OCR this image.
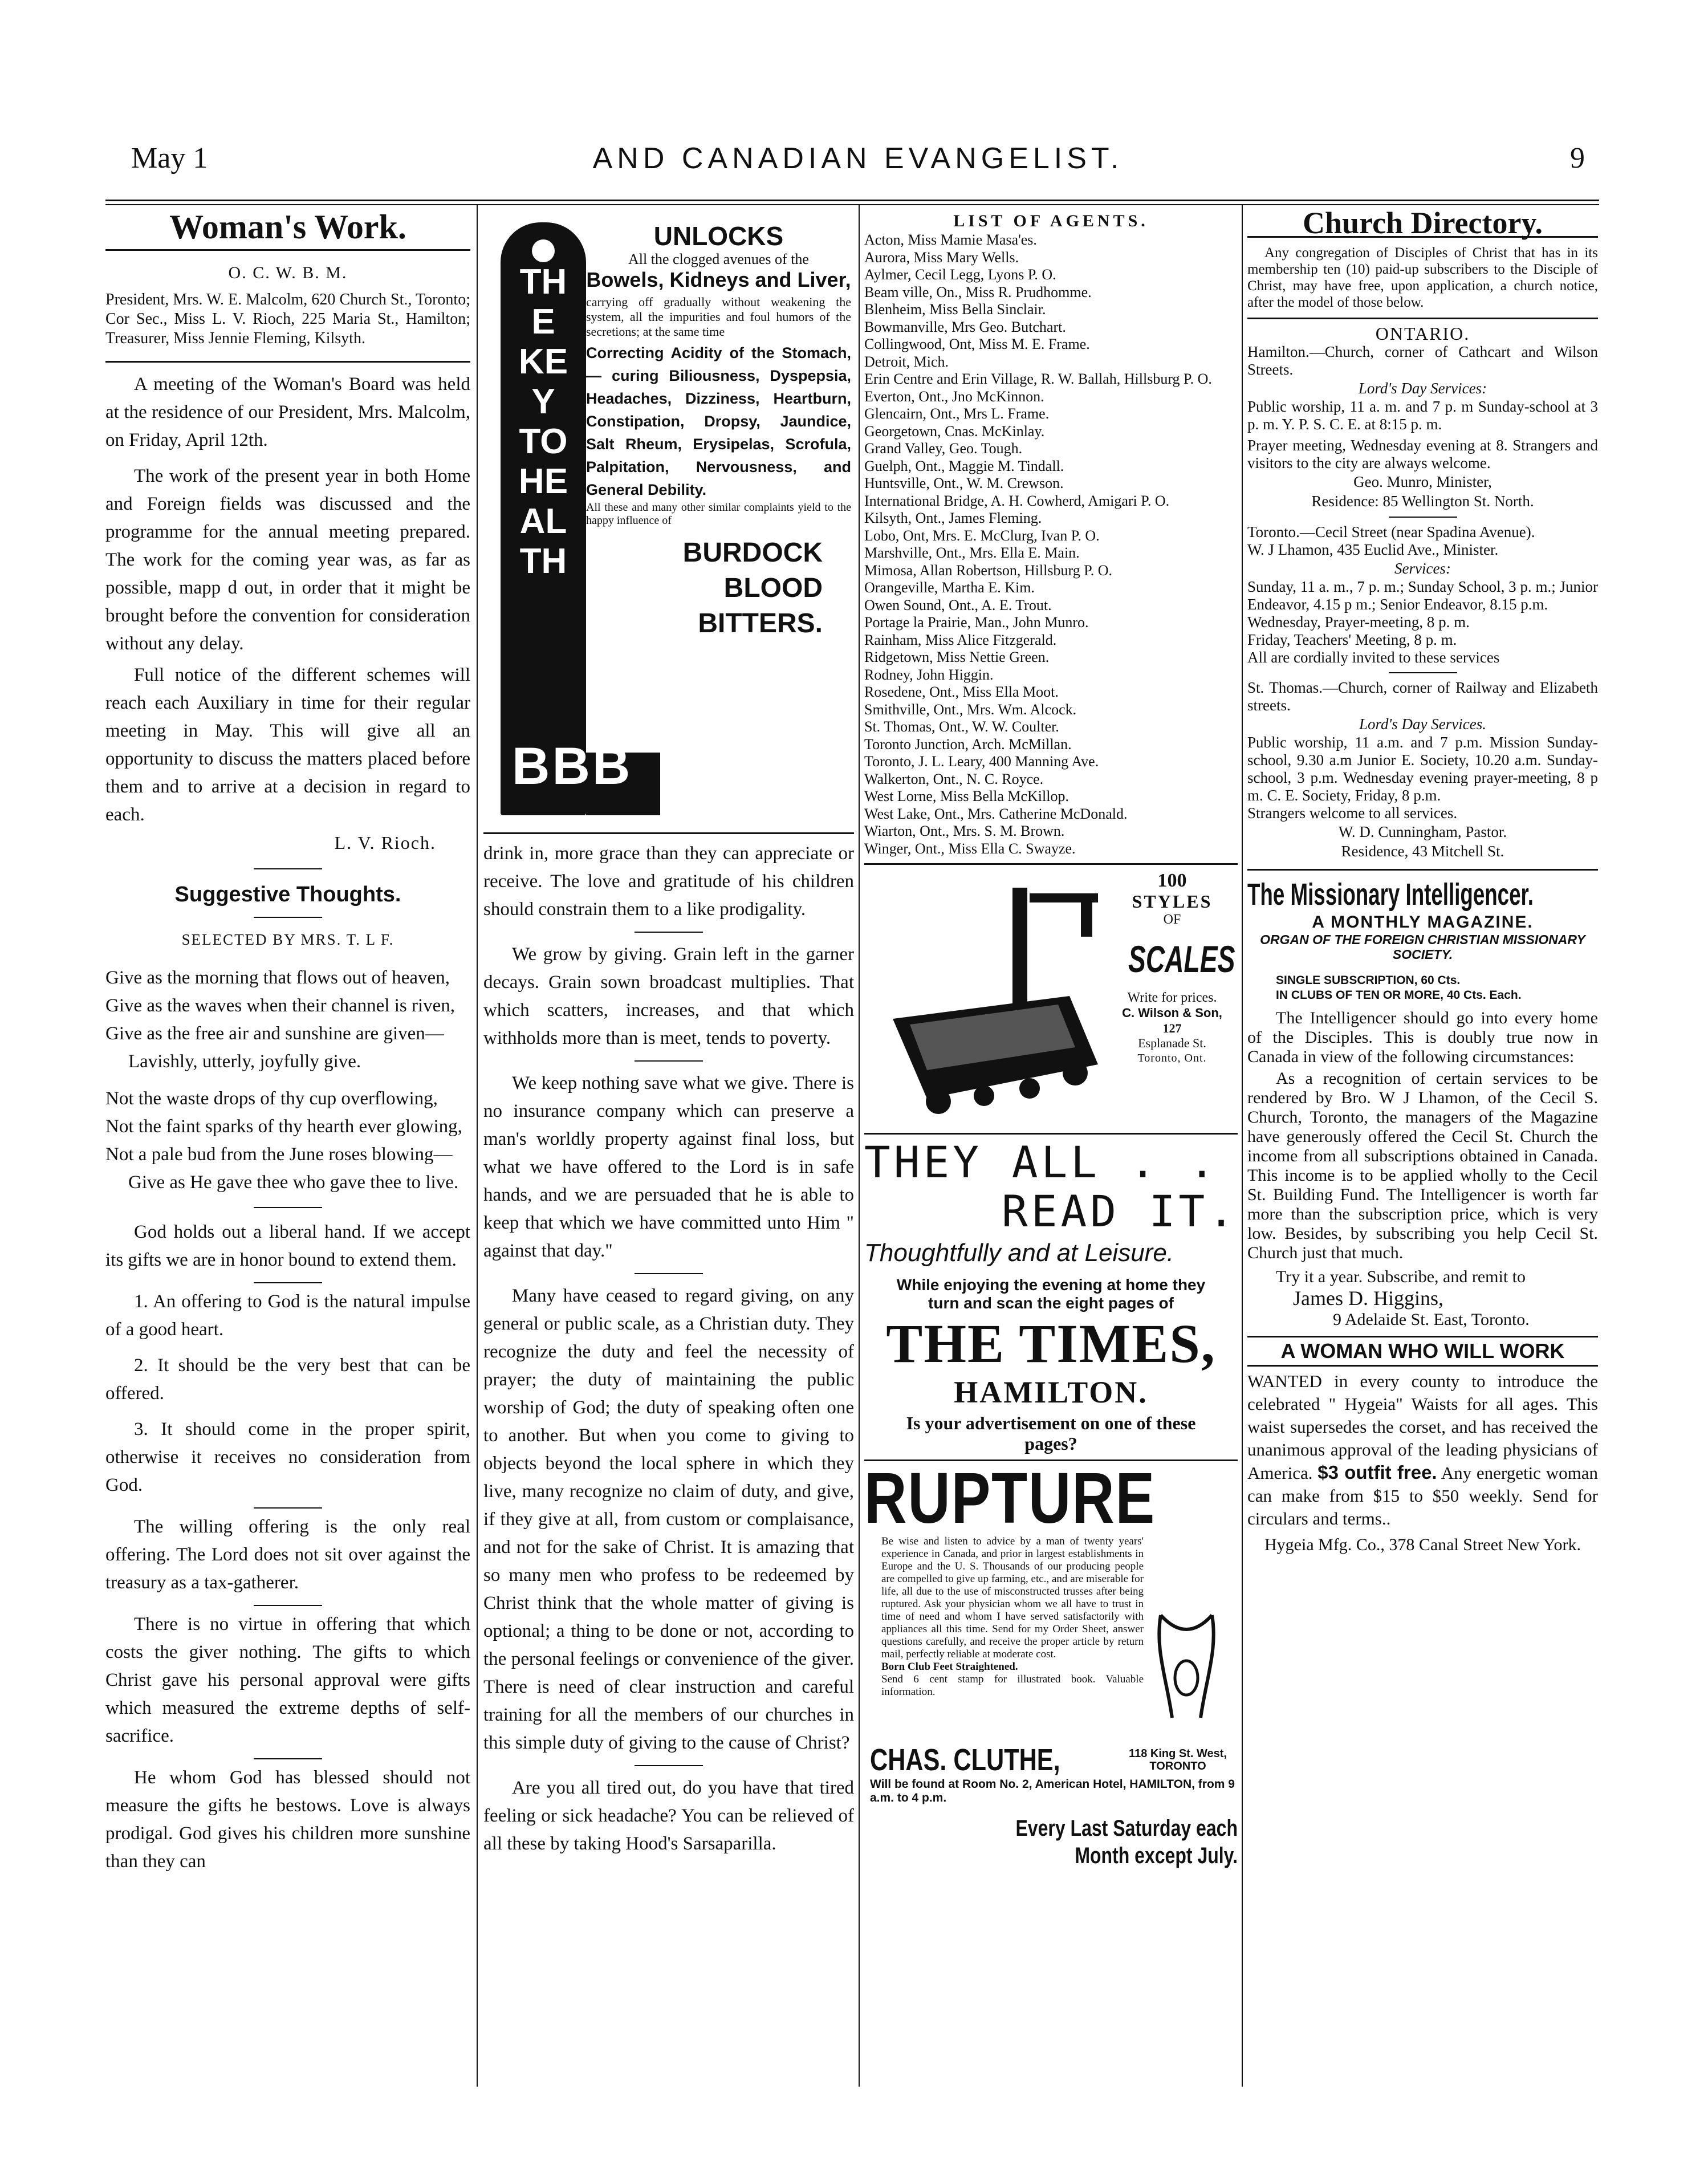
May 1	AND CANADIAN EVANGELIST.	9
Woman's Work.
O. C. W. B. M.
President, Mrs. W. E. Malcolm, 620 Church St., Toronto; Cor Sec., Miss L. V. Rioch, 225 Maria St., Hamilton; Treasurer, Miss Jennie Fleming, Kilsyth.

A meeting of the Woman's Board was held at the residence of our President, Mrs. Malcolm, on Friday, April 12th.

The work of the present year in both Home and Foreign fields was discussed and the programme for the annual meeting prepared. The work for the coming year was, as far as possible, mapp d out, in order that it might be brought before the convention for consideration without any delay.

Full notice of the different schemes will reach each Auxiliary in time for their regular meeting in May. This will give all an opportunity to discuss the matters placed before them and to arrive at a decision in regard to each.

L. V. Rioch.
Suggestive Thoughts.
SELECTED BY MRS. T. L F.
Give as the morning that flows out of heaven,
Give as the waves when their channel is riven,
Give as the free air and sunshine are given—
Lavishly, utterly, joyfully give.
Not the waste drops of thy cup overflowing,
Not the faint sparks of thy hearth ever glowing,
Not a pale bud from the June roses blowing—
Give as He gave thee who gave thee to live.

God holds out a liberal hand. If we accept its gifts we are in honor bound to extend them.

1. An offering to God is the natural impulse of a good heart.

2. It should be the very best that can be offered.

3. It should come in the proper spirit, otherwise it receives no consideration from God.

The willing offering is the only real offering. The Lord does not sit over against the treasury as a tax-gatherer.

There is no virtue in offering that which costs the giver nothing. The gifts to which Christ gave his personal approval were gifts which measured the extreme depths of self-sacrifice.

He whom God has blessed should not measure the gifts he bestows. Love is always prodigal. God gives his children more sunshine than they can

THE KEY TO HEALTH
BBB
UNLOCKS
All the clogged avenues of the
Bowels, Kidneys and Liver,
carrying off gradually without weakening the system, all the impurities and foul humors of the secretions; at the same time
Correcting Acidity of the Stomach,— curing Biliousness, Dyspepsia, Headaches, Dizziness, Heartburn, Constipation, Dropsy, Jaundice, Salt Rheum, Erysipelas, Scrofula, Palpitation, Nervousness, and General Debility.
All these and many other similar complaints yield to the happy influence of
BURDOCK
BLOOD
BITTERS.

drink in, more grace than they can appreciate or receive. The love and gratitude of his children should constrain them to a like prodigality.

We grow by giving. Grain left in the garner decays. Grain sown broadcast multiplies. That which scatters, increases, and that which withholds more than is meet, tends to poverty.

We keep nothing save what we give. There is no insurance company which can preserve a man's worldly property against final loss, but what we have offered to the Lord is in safe hands, and we are persuaded that he is able to keep that which we have committed unto Him " against that day."

Many have ceased to regard giving, on any general or public scale, as a Christian duty. They recognize the duty and feel the necessity of prayer; the duty of maintaining the public worship of God; the duty of speaking often one to another. But when you come to giving to objects beyond the local sphere in which they live, many recognize no claim of duty, and give, if they give at all, from custom or complaisance, and not for the sake of Christ. It is amazing that so many men who profess to be redeemed by Christ think that the whole matter of giving is optional; a thing to be done or not, according to the personal feelings or convenience of the giver. There is need of clear instruction and careful training for all the members of our churches in this simple duty of giving to the cause of Christ?

Are you all tired out, do you have that tired feeling or sick headache? You can be relieved of all these by taking Hood's Sarsaparilla.

LIST OF AGENTS.
Acton, Miss Mamie Masa'es.
Aurora, Miss Mary Wells.
Aylmer, Cecil Legg, Lyons P. O.
Beam ville, On., Miss R. Prudhomme.
Blenheim, Miss Bella Sinclair.
Bowmanville, Mrs Geo. Butchart.
Collingwood, Ont, Miss M. E. Frame.
Detroit, Mich.
Erin Centre and Erin Village, R. W. Ballah, Hillsburg P. O.
Everton, Ont., Jno McKinnon.
Glencairn, Ont., Mrs L. Frame.
Georgetown, Cnas. McKinlay.
Grand Valley, Geo. Tough.
Guelph, Ont., Maggie M. Tindall.
Huntsville, Ont., W. M. Crewson.
International Bridge, A. H. Cowherd, Amigari P. O.
Kilsyth, Ont., James Fleming.
Lobo, Ont, Mrs. E. McClurg, Ivan P. O.
Marshville, Ont., Mrs. Ella E. Main.
Mimosa, Allan Robertson, Hillsburg P. O.
Orangeville, Martha E. Kim.
Owen Sound, Ont., A. E. Trout.
Portage la Prairie, Man., John Munro.
Rainham, Miss Alice Fitzgerald.
Ridgetown, Miss Nettie Green.
Rodney, John Higgin.
Rosedene, Ont., Miss Ella Moot.
Smithville, Ont., Mrs. Wm. Alcock.
St. Thomas, Ont., W. W. Coulter.
Toronto Junction, Arch. McMillan.
Toronto, J. L. Leary, 400 Manning Ave.
Walkerton, Ont., N. C. Royce.
West Lorne, Miss Bella McKillop.
West Lake, Ont., Mrs. Catherine McDonald.
Wiarton, Ont., Mrs. S. M. Brown.
Winger, Ont., Miss Ella C. Swayze.
100
STYLES
OF
SCALES
Write for prices.
C. Wilson & Son,
127
Esplanade St.
Toronto, Ont.
THEY ALL . .
READ IT.
Thoughtfully and at Leisure.
While enjoying the evening at home they turn and scan the eight pages of
THE TIMES,
HAMILTON.
Is your advertisement on one of these pages?
RUPTURE
Be wise and listen to advice by a man of twenty years' experience in Canada, and prior in largest establishments in Europe and the U. S. Thousands of our producing people are compelled to give up farming, etc., and are miserable for life, all due to the use of misconstructed trusses after being ruptured. Ask your physician whom we all have to trust in time of need and whom I have served satisfactorily with appliances all this time. Send for my Order Sheet, answer questions carefully, and receive the proper article by return mail, perfectly reliable at moderate cost.
Born Club Feet Straightened.
Send 6 cent stamp for illustrated book. Valuable information.
CHAS. CLUTHE,	118 King St. West, TORONTO
Will be found at Room No. 2, American Hotel, HAMILTON, from 9 a.m. to 4 p.m.
Every Last Saturday each Month except July.
Church Directory.
Any congregation of Disciples of Christ that has in its membership ten (10) paid-up subscribers to the Disciple of Christ, may have free, upon application, a church notice, after the model of those below.
ONTARIO.
Hamilton.—Church, corner of Cathcart and Wilson Streets.
Lord's Day Services:
Public worship, 11 a. m. and 7 p. m Sunday-school at 3 p. m. Y. P. S. C. E. at 8:15 p. m.
Prayer meeting, Wednesday evening at 8. Strangers and visitors to the city are always welcome.
Geo. Munro, Minister,
Residence: 85 Wellington St. North.
Toronto.—Cecil Street (near Spadina Avenue).
W. J Lhamon, 435 Euclid Ave., Minister.
Services:
Sunday, 11 a. m., 7 p. m.; Sunday School, 3 p. m.; Junior Endeavor, 4.15 p m.; Senior Endeavor, 8.15 p.m.
Wednesday, Prayer-meeting, 8 p. m.
Friday, Teachers' Meeting, 8 p. m.
All are cordially invited to these services
St. Thomas.—Church, corner of Railway and Elizabeth streets.
Lord's Day Services.
Public worship, 11 a.m. and 7 p.m. Mission Sunday-school, 9.30 a.m Junior E. Society, 10.20 a.m. Sunday-school, 3 p.m. Wednesday evening prayer-meeting, 8 p m. C. E. Society, Friday, 8 p.m.
Strangers welcome to all services.
W. D. Cunningham, Pastor.
Residence, 43 Mitchell St.
The Missionary Intelligencer.
A MONTHLY MAGAZINE.
ORGAN OF THE FOREIGN CHRISTIAN MISSIONARY SOCIETY.
SINGLE SUBSCRIPTION, 60 Cts.
IN CLUBS OF TEN OR MORE, 40 Cts. Each.

The Intelligencer should go into every home of the Disciples. This is doubly true now in Canada in view of the following circumstances:

As a recognition of certain services to be rendered by Bro. W J Lhamon, of the Cecil S. Church, Toronto, the managers of the Magazine have generously offered the Cecil St. Church the income from all subscriptions obtained in Canada. This income is to be applied wholly to the Cecil St. Building Fund. The Intelligencer is worth far more than the subscription price, which is very low. Besides, by subscribing you help Cecil St. Church just that much.

Try it a year. Subscribe, and remit to

James D. Higgins,
9 Adelaide St. East, Toronto.
A WOMAN WHO WILL WORK
WANTED in every county to introduce the celebrated " Hygeia" Waists for all ages. This waist supersedes the corset, and has received the unanimous approval of the leading physicians of America. $3 outfit free. Any energetic woman can make from $15 to $50 weekly. Send for circulars and terms..
Hygeia Mfg. Co., 378 Canal Street New York.
